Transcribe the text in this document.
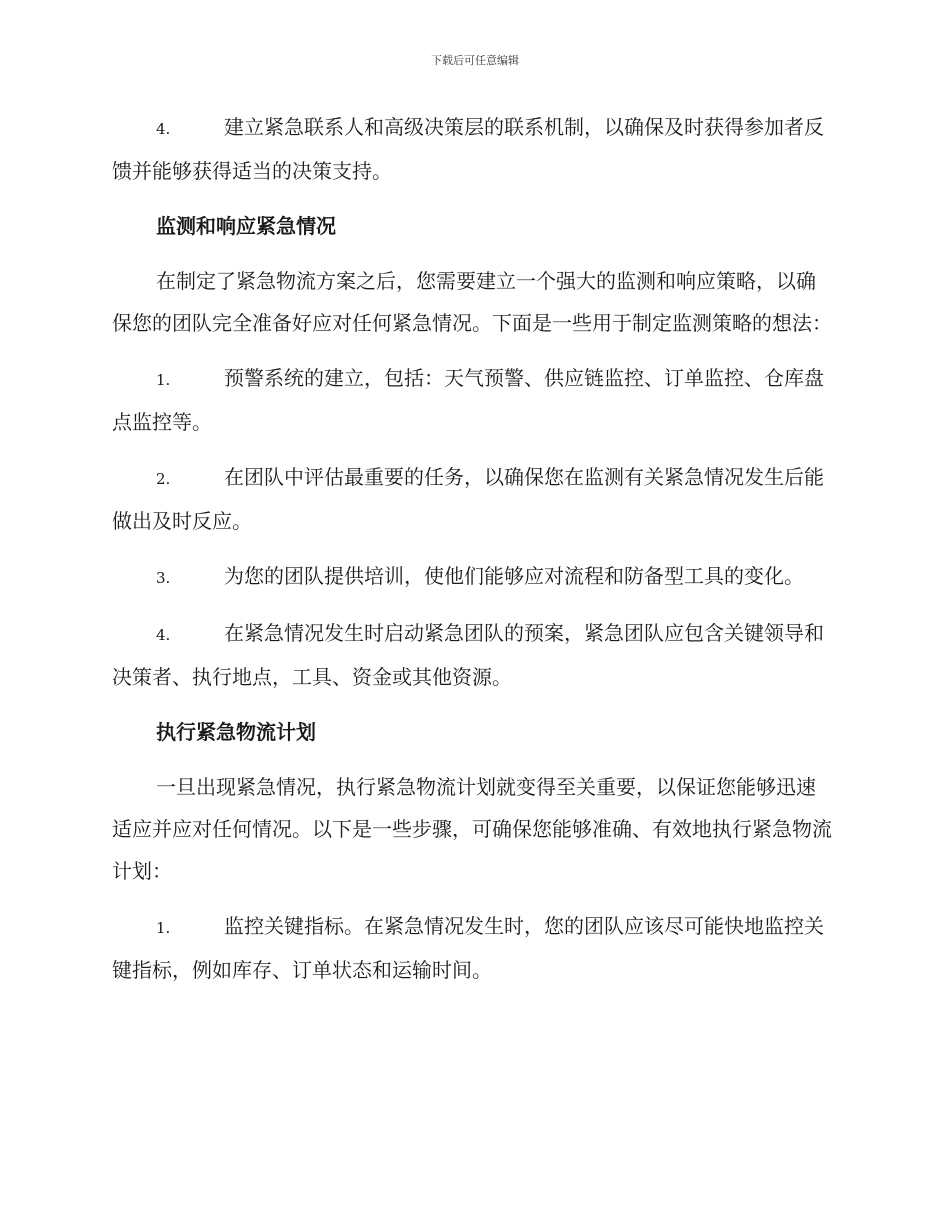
下载后可任意编辑

4.	建立紧急联系人和高级决策层的联系机制，以确保及时获得参加者反馈并能够获得适当的决策支持。

监测和响应紧急情况

在制定了紧急物流方案之后，您需要建立一个强大的监测和响应策略，以确保您的团队完全准备好应对任何紧急情况。下面是一些用于制定监测策略的想法：

1.	预警系统的建立，包括：天气预警、供应链监控、订单监控、仓库盘点监控等。

2.	在团队中评估最重要的任务，以确保您在监测有关紧急情况发生后能做出及时反应。

3.	为您的团队提供培训，使他们能够应对流程和防备型工具的变化。

4.	在紧急情况发生时启动紧急团队的预案，紧急团队应包含关键领导和决策者、执行地点，工具、资金或其他资源。

执行紧急物流计划

一旦出现紧急情况，执行紧急物流计划就变得至关重要，以保证您能够迅速适应并应对任何情况。以下是一些步骤，可确保您能够准确、有效地执行紧急物流计划：

1.	监控关键指标。在紧急情况发生时，您的团队应该尽可能快地监控关键指标，例如库存、订单状态和运输时间。
